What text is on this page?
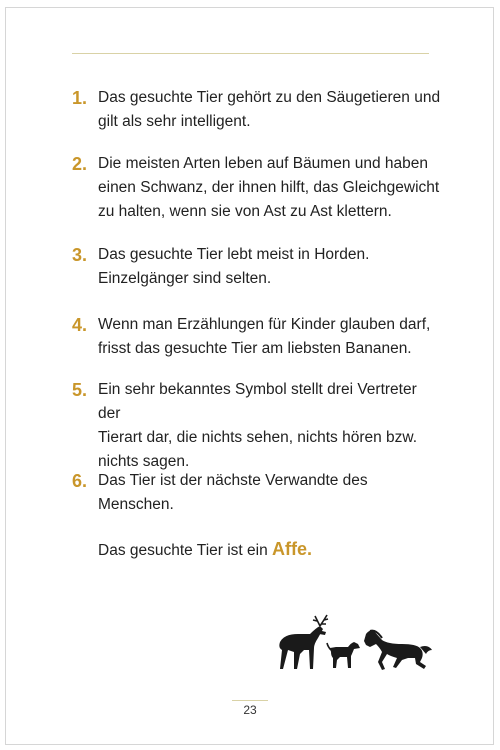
1. Das gesuchte Tier gehört zu den Säugetieren und
gilt als sehr intelligent.
2. Die meisten Arten leben auf Bäumen und haben
einen Schwanz, der ihnen hilft, das Gleichgewicht
zu halten, wenn sie von Ast zu Ast klettern.
3. Das gesuchte Tier lebt meist in Horden.
Einzelgänger sind selten.
4. Wenn man Erzählungen für Kinder glauben darf,
frisst das gesuchte Tier am liebsten Bananen.
5. Ein sehr bekanntes Symbol stellt drei Vertreter der
Tierart dar, die nichts sehen, nichts hören bzw.
nichts sagen.
6. Das Tier ist der nächste Verwandte des Menschen.
Das gesuchte Tier ist ein Affe.
23
